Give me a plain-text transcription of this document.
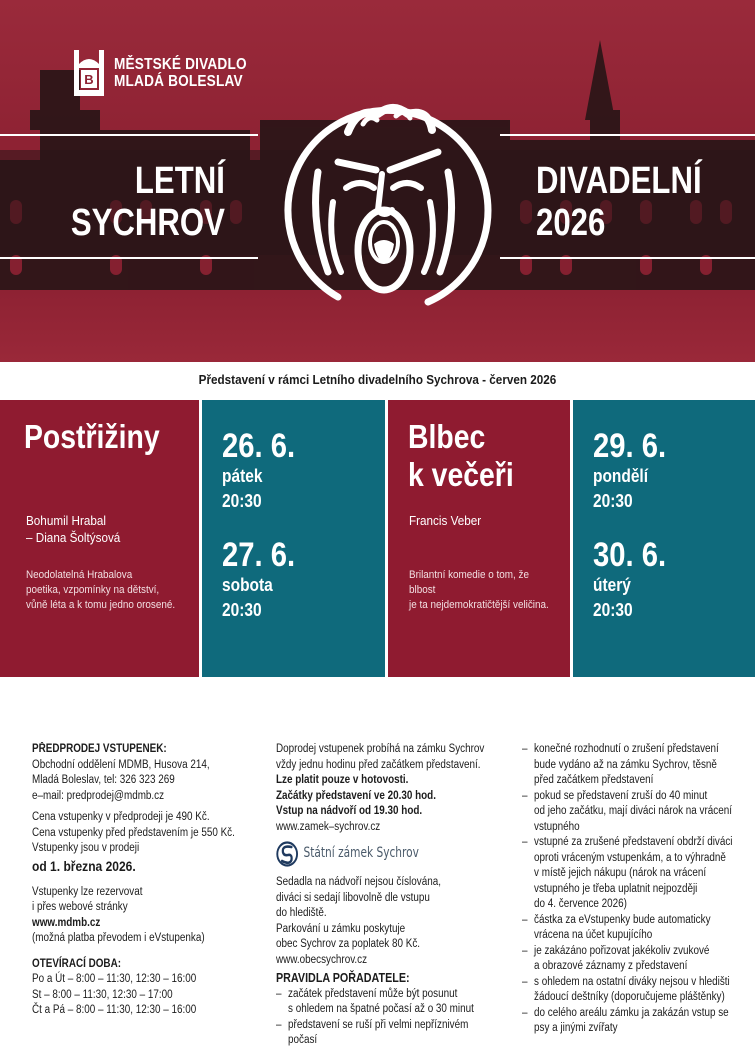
B
MĚSTSKÉ DIVADLO
MLADÁ BOLESLAV
LETNÍ
SYCHROV
DIVADELNÍ
2026
Představení v rámci Letního divadelního Sychrova - červen 2026
Postřižiny
Bohumil Hrabal
– Diana Šoltýsová
Neodolatelná Hrabalova
poetika, vzpomínky na dětství,
vůně léta a k tomu jedno orosené.
26. 6.
pátek
20:30
27. 6.
sobota
20:30
Blbec
k večeři
Francis Veber
Brilantní komedie o tom, že blbost
je ta nejdemokratičtější veličina.
29. 6.
pondělí
20:30
30. 6.
úterý
20:30
PŘEDPRODEJ VSTUPENEK:
Obchodní oddělení MDMB, Husova 214,
Mladá Boleslav, tel: 326 323 269
e–mail: predprodej@mdmb.cz
Cena vstupenky v předprodeji je 490 Kč.
Cena vstupenky před představením je 550 Kč.
Vstupenky jsou v prodeji
od 1. března 2026.
Vstupenky lze rezervovat
i přes webové stránky
www.mdmb.cz
(možná platba převodem i eVstupenka)
OTEVÍRACÍ DOBA:
Po a Út – 8:00 – 11:30, 12:30 – 16:00
St – 8:00 – 11:30, 12:30 – 17:00
Čt a Pá – 8:00 – 11:30, 12:30 – 16:00
Doprodej vstupenek probíhá na zámku Sychrov
vždy jednu hodinu před začátkem představení.
Lze platit pouze v hotovosti.
Začátky představení ve 20.30 hod.
Vstup na nádvoří od 19.30 hod.
www.zamek–sychrov.cz
Státní zámek Sychrov
Sedadla na nádvoří nejsou číslována,
diváci si sedají libovolně dle vstupu
do hlediště.
Parkování u zámku poskytuje
obec Sychrov za poplatek 80 Kč.
www.obecsychrov.cz
PRAVIDLA POŘADATELE:
– začátek představení může být posunut
s ohledem na špatné počasí až o 30 minut
– představení se ruší při velmi nepříznivém
počasí
– konečné rozhodnutí o zrušení představení
bude vydáno až na zámku Sychrov, těsně
před začátkem představení
– pokud se představení zruší do 40 minut
od jeho začátku, mají diváci nárok na vrácení
vstupného
– vstupné za zrušené představení obdrží diváci
oproti vráceným vstupenkám, a to výhradně
v místě jejich nákupu (nárok na vrácení
vstupného je třeba uplatnit nejpozději
do 4. července 2026)
– částka za eVstupenky bude automaticky
vrácena na účet kupujícího
– je zakázáno pořizovat jakékoliv zvukové
a obrazové záznamy z představení
– s ohledem na ostatní diváky nejsou v hledišti
žádoucí deštníky (doporučujeme pláštěnky)
– do celého areálu zámku ja zakázán vstup se
psy a jinými zvířaty
